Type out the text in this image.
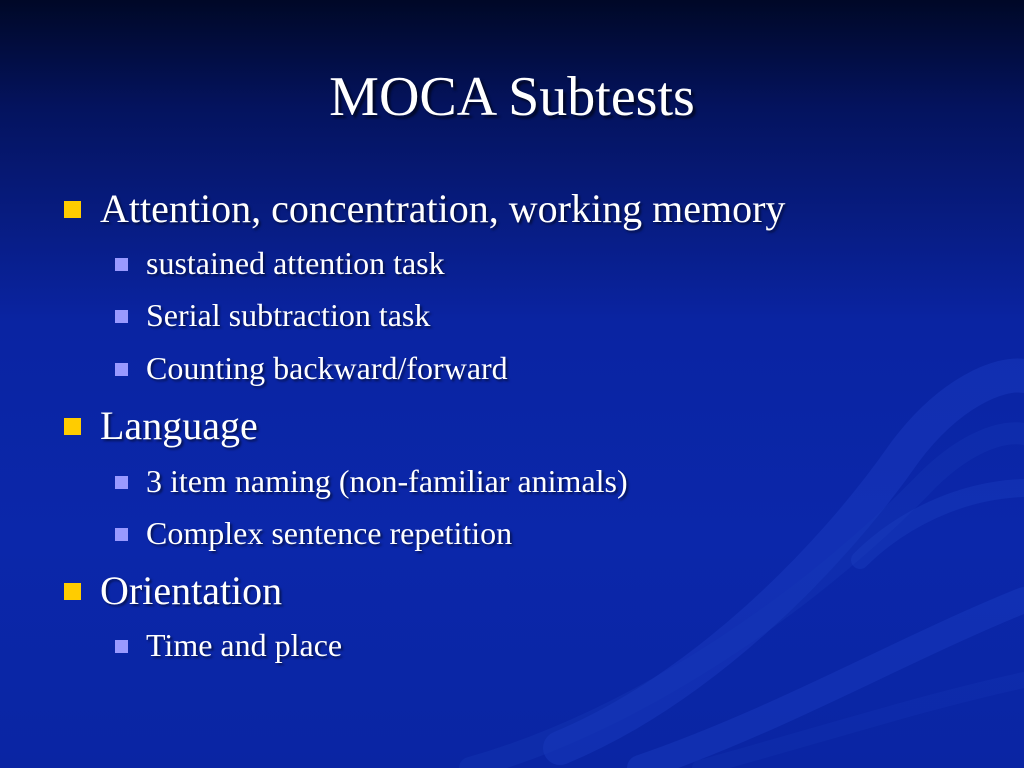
MOCA Subtests
Attention, concentration, working memory
sustained attention task
Serial subtraction task
Counting backward/forward
Language
3 item naming (non-familiar animals)
Complex sentence repetition
Orientation
Time and place
